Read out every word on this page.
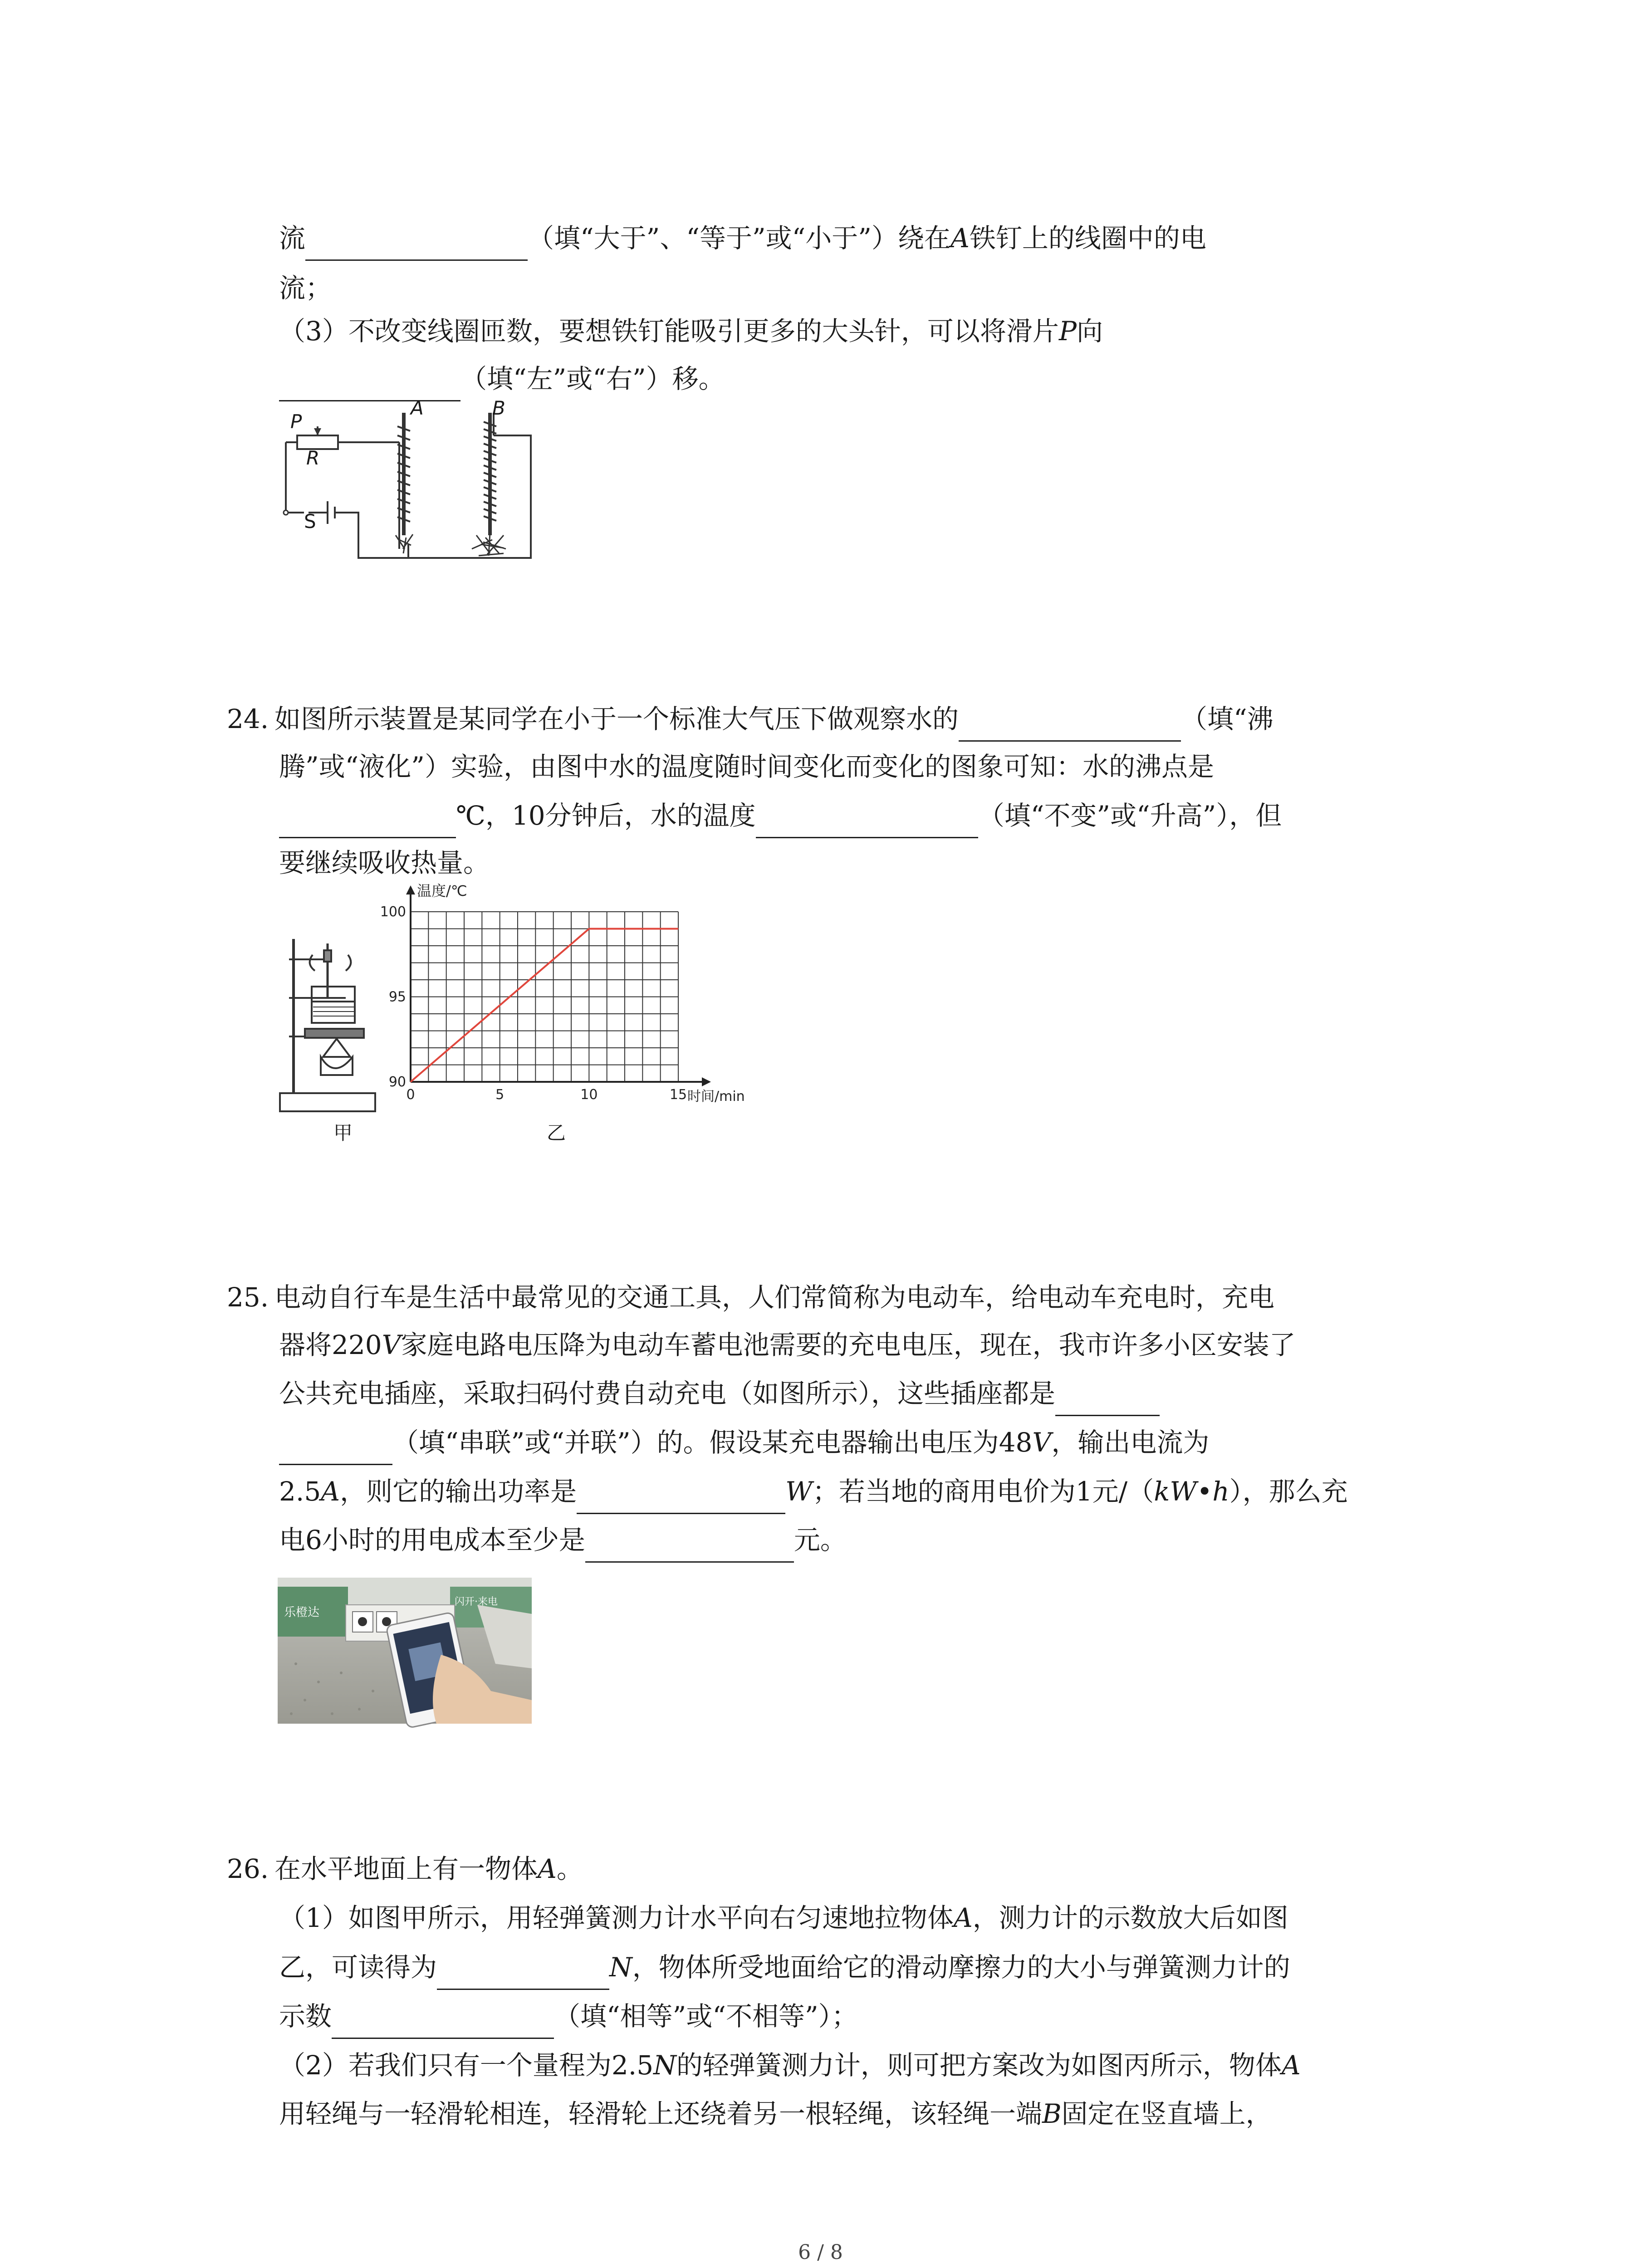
流	（填“大于”、“等于”或“小于”）绕在A铁钉上的线圈中的电
流；
（3）不改变线圈匝数，要想铁钉能吸引更多的大头针，可以将滑片P向
（填“左”或“右”）移。
A	B
P
R
S
24. 如图所示装置是某同学在小于一个标准大气压下做观察水的	（填“沸
腾”或“液化”）实验，由图中水的温度随时间变化而变化的图象可知：水的沸点是
℃，10分钟后，水的温度	（填“不变”或“升高”），但
要继续吸收热量。
甲
0	5	10	15
90
95
100
温度/℃
时间/min
乙
25. 电动自行车是生活中最常见的交通工具，人们常简称为电动车，给电动车充电时，充电
器将220V家庭电路电压降为电动车蓄电池需要的充电电压，现在，我市许多小区安装了
公共充电插座，采取扫码付费自动充电（如图所示），这些插座都是
（填“串联”或“并联”）的。假设某充电器输出电压为48V，输出电流为
2.5A，则它的输出功率是	W；若当地的商用电价为1元/（kW•h），那么充
电6小时的用电成本至少是	元。
乐橙达
闪开·来电
26. 在水平地面上有一物体A。
（1）如图甲所示，用轻弹簧测力计水平向右匀速地拉物体A，测力计的示数放大后如图
乙，可读得为	N，物体所受地面给它的滑动摩擦力的大小与弹簧测力计的
示数	（填“相等”或“不相等”）；
（2）若我们只有一个量程为2.5N的轻弹簧测力计，则可把方案改为如图丙所示，物体A
用轻绳与一轻滑轮相连，轻滑轮上还绕着另一根轻绳，该轻绳一端B固定在竖直墙上，
6 / 8
